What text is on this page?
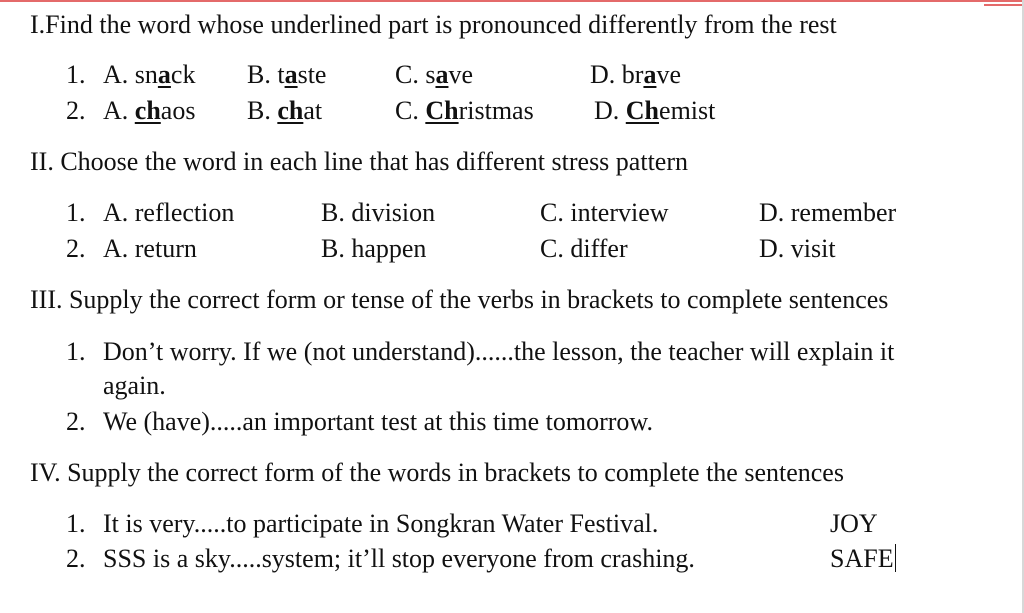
I.Find the word whose underlined part is pronounced differently from the rest
1. A. snack B. taste	C. save	D. brave
2. A. chaos B. chat	C. Christmas D. Chemist
II. Choose the word in each line that has different stress pattern
1. A. reflection	B. division	C. interview	D. remember
2. A. return	B. happen	C. differ	D. visit
III. Supply the correct form or tense of the verbs in brackets to complete sentences
1. Don’t worry. If we (not understand)......the lesson, the teacher will explain it
again.
2. We (have).....an important test at this time tomorrow.
IV. Supply the correct form of the words in brackets to complete the sentences
1. It is very.....to participate in Songkran Water Festival.	JOY
2. SSS is a sky.....system; it’ll stop everyone from crashing.	SAFE
